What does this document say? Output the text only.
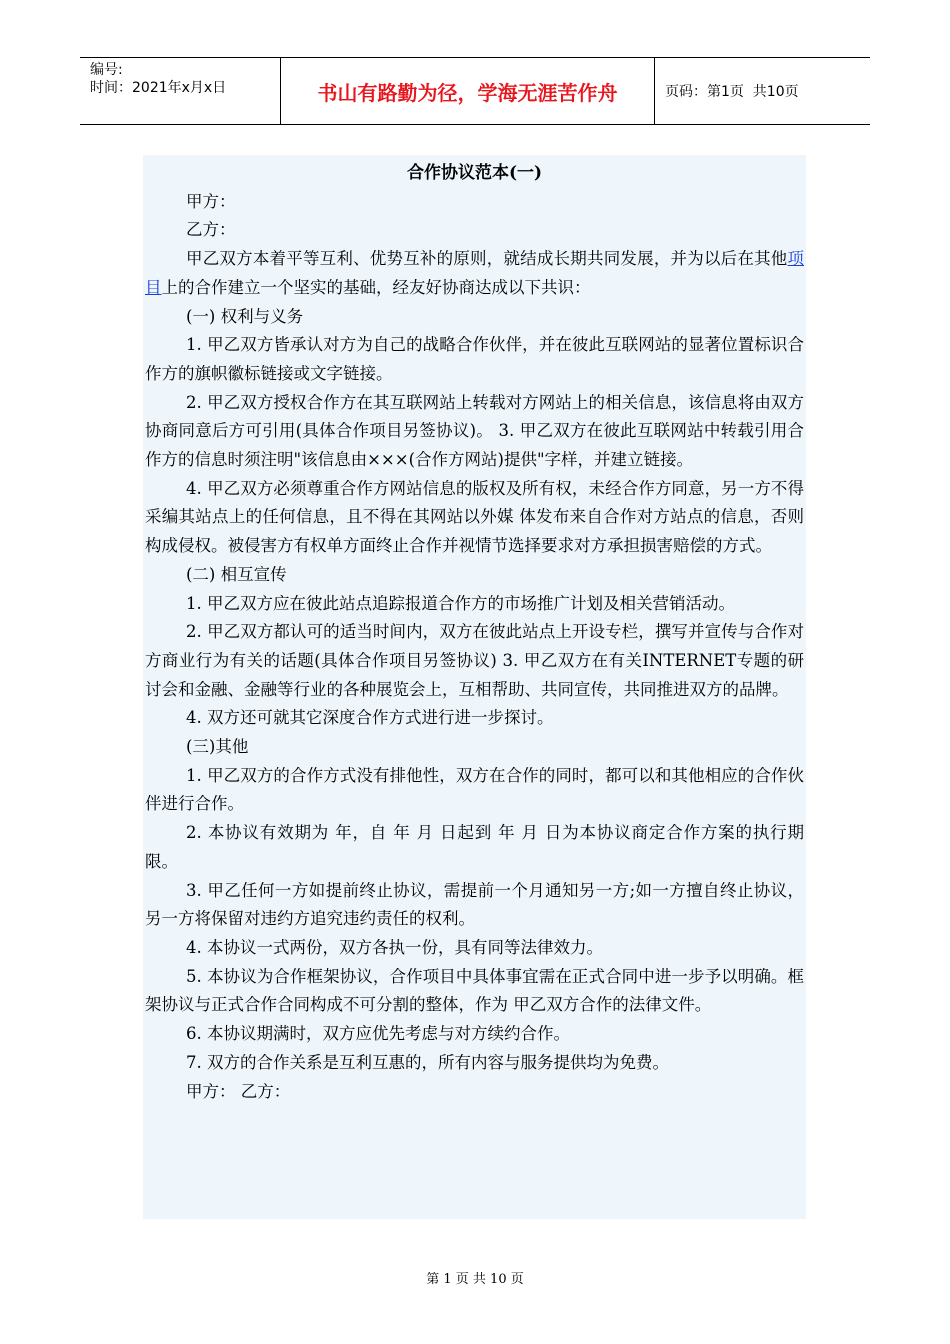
编号:
时间：2021年x月x日	书山有路勤为径，学海无涯苦作舟	页码：第1页  共10页
合作协议范本(一)

甲方：

乙方：

甲乙双方本着平等互利、优势互补的原则，就结成长期共同发展，并为以后在其他项目上的合作建立一个坚实的基础，经友好协商达成以下共识：

(一) 权利与义务

1. 甲乙双方皆承认对方为自己的战略合作伙伴，并在彼此互联网站的显著位置标识合作方的旗帜徽标链接或文字链接。

2. 甲乙双方授权合作方在其互联网站上转载对方网站上的相关信息，该信息将由双方协商同意后方可引用(具体合作项目另签协议)。 3. 甲乙双方在彼此互联网站中转载引用合作方的信息时须注明"该信息由×××(合作方网站)提供"字样，并建立链接。

4. 甲乙双方必须尊重合作方网站信息的版权及所有权，未经合作方同意，另一方不得采编其站点上的任何信息，且不得在其网站以外媒 体发布来自合作对方站点的信息，否则构成侵权。被侵害方有权单方面终止合作并视情节选择要求对方承担损害赔偿的方式。

(二) 相互宣传

1. 甲乙双方应在彼此站点追踪报道合作方的市场推广计划及相关营销活动。

2. 甲乙双方都认可的适当时间内，双方在彼此站点上开设专栏，撰写并宣传与合作对方商业行为有关的话题(具体合作项目另签协议) 3. 甲乙双方在有关INTERNET专题的研讨会和金融、金融等行业的各种展览会上，互相帮助、共同宣传，共同推进双方的品牌。

4. 双方还可就其它深度合作方式进行进一步探讨。

(三)其他

1. 甲乙双方的合作方式没有排他性，双方在合作的同时，都可以和其他相应的合作伙伴进行合作。

2. 本协议有效期为 年，自 年 月 日起到 年 月 日为本协议商定合作方案的执行期限。

3. 甲乙任何一方如提前终止协议，需提前一个月通知另一方;如一方擅自终止协议，另一方将保留对违约方追究违约责任的权利。

4. 本协议一式两份，双方各执一份，具有同等法律效力。

5. 本协议为合作框架协议，合作项目中具体事宜需在正式合同中进一步予以明确。框架协议与正式合作合同构成不可分割的整体，作为 甲乙双方合作的法律文件。

6. 本协议期满时，双方应优先考虑与对方续约合作。

7. 双方的合作关系是互利互惠的，所有内容与服务提供均为免费。

甲方： 乙方：

第 1 页 共 10 页
